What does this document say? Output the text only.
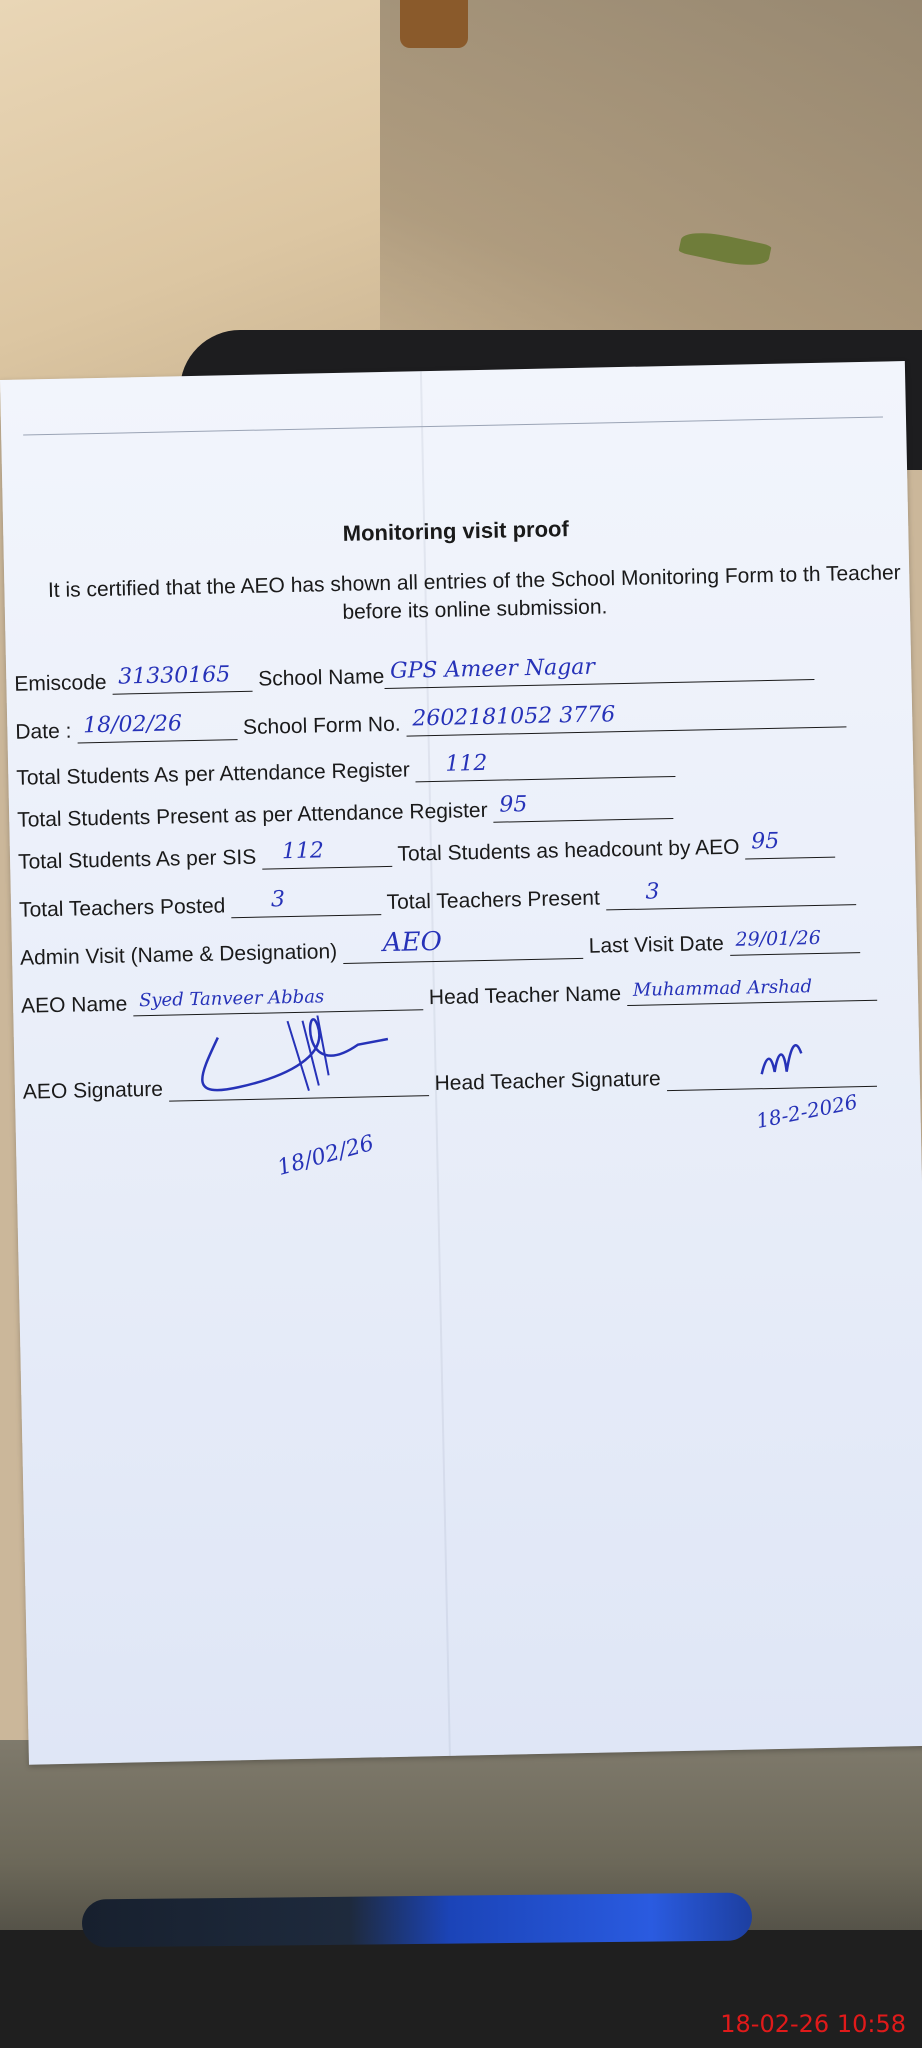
Monitoring visit proof
It is certified that the AEO has shown all entries of the School Monitoring Form to th Teacher before its online submission.
Emiscode 31330165 School Name GPS Ameer Nagar
Date : 18/02/26	School Form No. 2602181052 3776
Total Students As per Attendance Register 112
Total Students Present as per Attendance Register 95
Total Students As per SIS 112	Total Students as headcount by AEO 95
Total Teachers Posted 3	Total Teachers Present 3
Admin Visit (Name & Designation) AEO	Last Visit Date 29/01/26
AEO Name Syed Tanveer Abbas	Head Teacher Name Muhammad Arshad
AEO Signature	Head Teacher Signature
18/02/26
18-2-2026
18-02-26 10:58
